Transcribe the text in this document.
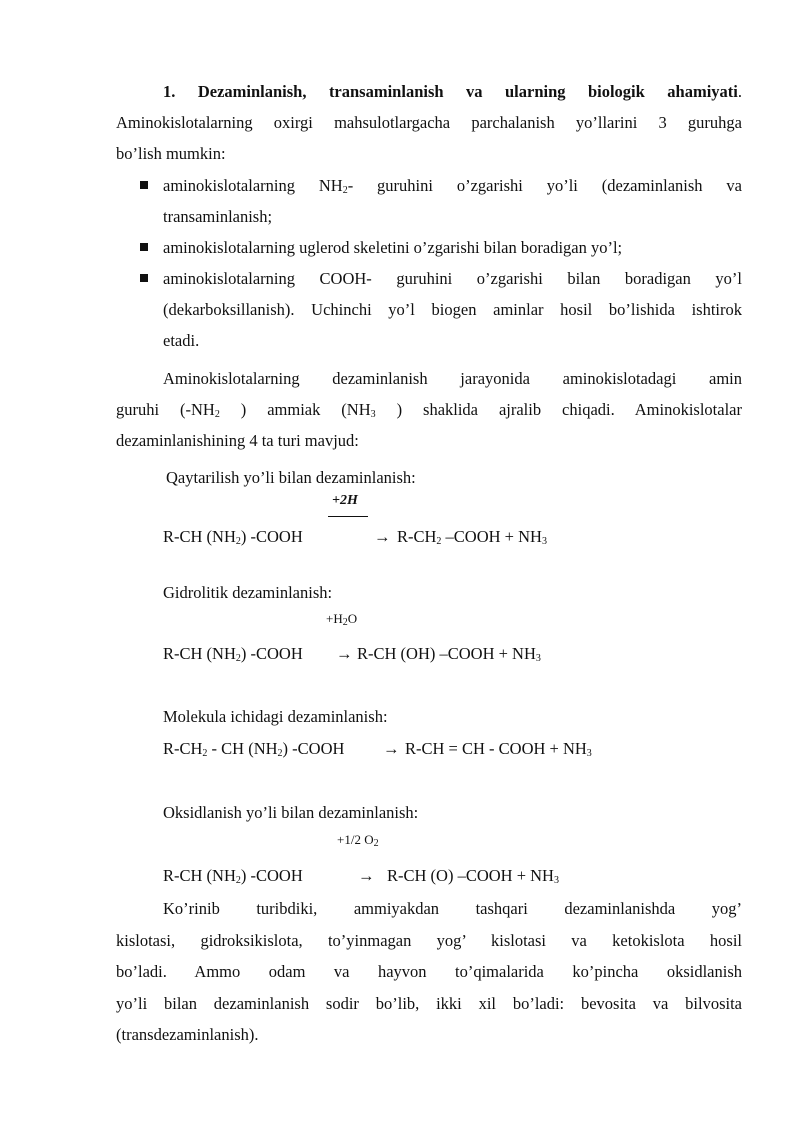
1. Dezaminlanish, transaminlanish va ularning biologik ahamiyati.
Aminokislotalarning oxirgi mahsulotlargacha parchalanish yo’llarini 3 guruhga
bo’lish mumkin:
aminokislotalarning $NH_2-$ guruhini o’zgarishi yo’li (dezaminlanish va
transaminlanish;
aminokislotalarning uglerod skeletini o’zgarishi bilan boradigan yo’l;
aminokislotalarning COOH- guruhini o’zgarishi bilan boradigan yo’l
(dekarboksillanish). Uchinchi yo’l biogen aminlar hosil bo’lishida ishtirok
etadi.
Aminokislotalarning dezaminlanish jarayonida aminokislotadagi amin
guruhi ($-NH_2$ ) ammiak ($NH_3$ ) shaklida ajralib chiqadi. Aminokislotalar
dezaminlanishining 4 ta turi mavjud:
Qaytarilish yo’li bilan dezaminlanish:
+2H
R-CH $(NH_2)$ -COOH	→ $R-CH_2$ –COOH + $NH_3$
Gidrolitik dezaminlanish:
$+H_2O$
R-CH $(NH_2)$ -COOH → R-CH (OH) –COOH + $NH_3$
Molekula ichidagi dezaminlanish:
$R-CH_2$ - CH $(NH_2)$ -COOH → R-CH = CH - COOH + $NH_3$
Oksidlanish yo’li bilan dezaminlanish:
+1/2 $O_2$
R-CH $(NH_2)$ -COOH	→ R-CH (O) –COOH + $NH_3$
Ko’rinib turibdiki, ammiyakdan tashqari dezaminlanishda yog’
kislotasi, gidroksikislota, to’yinmagan yog’ kislotasi va ketokislota hosil
bo’ladi. Ammo odam va hayvon to’qimalarida ko’pincha oksidlanish
yo’li bilan dezaminlanish sodir bo’lib, ikki xil bo’ladi: bevosita va bilvosita
(transdezaminlanish).
